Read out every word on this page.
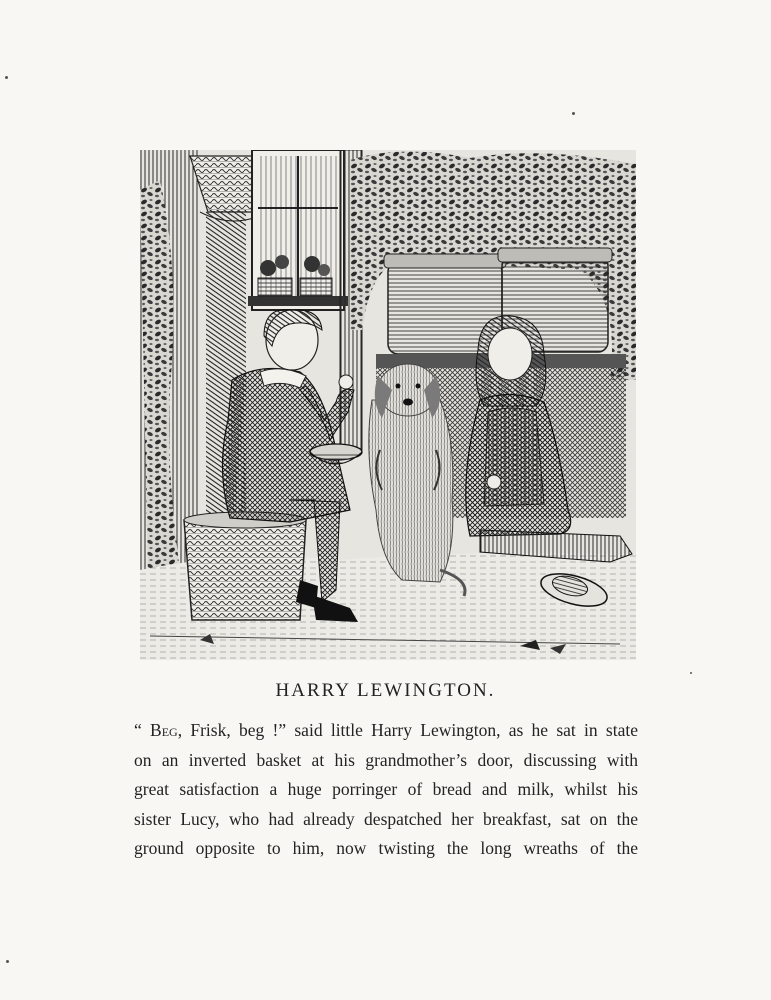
HARRY LEWINGTON.
“ Beg, Frisk, beg !” said little Harry Lewington, as he sat in state
on an inverted basket at his grandmother’s door, discussing with
great satisfaction a huge porringer of bread and milk, whilst his
sister Lucy, who had already despatched her breakfast, sat on the
ground opposite to him, now twisting the long wreaths of the
